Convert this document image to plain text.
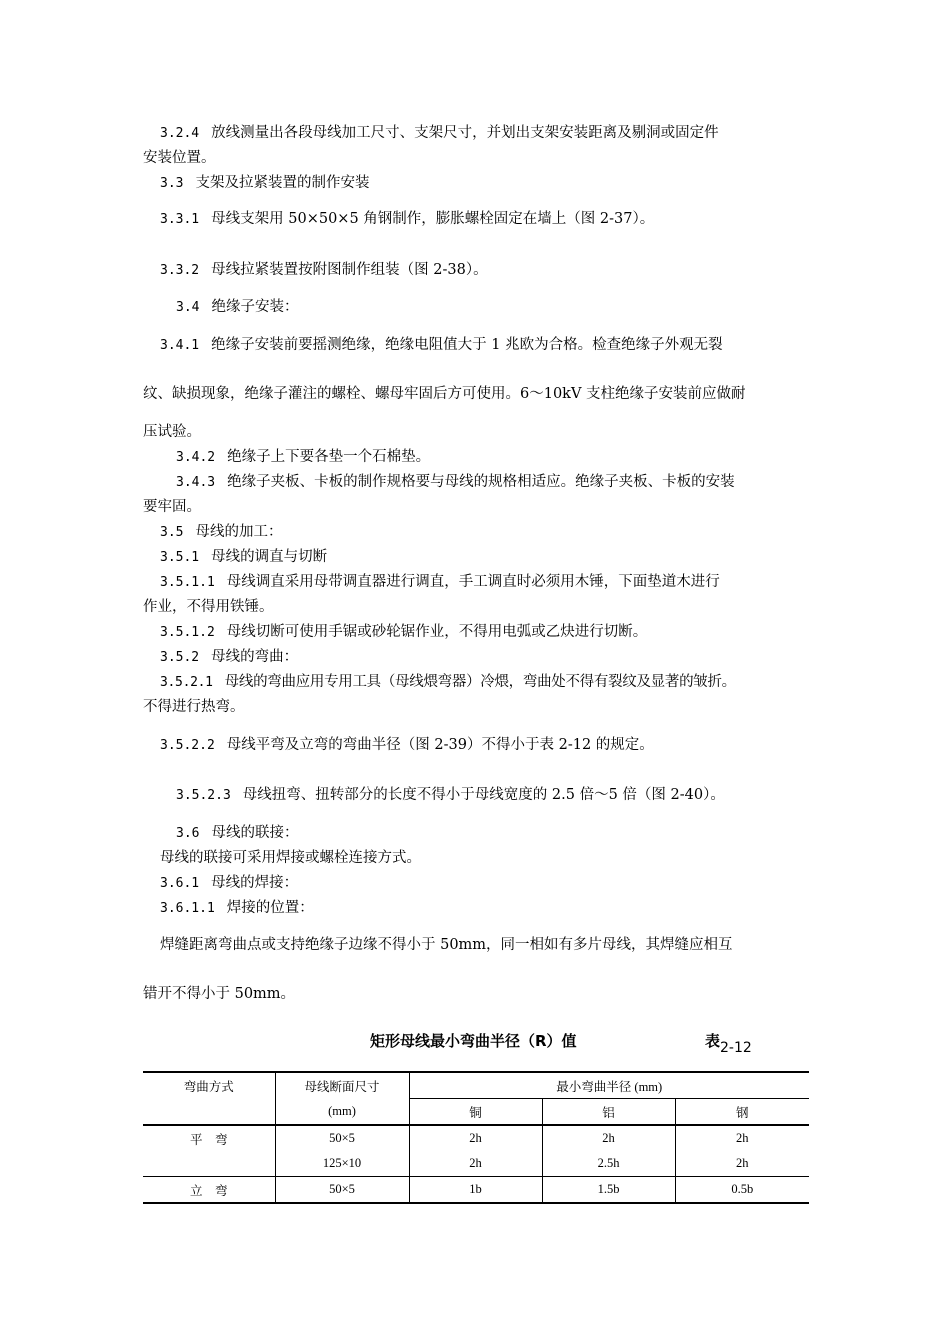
3.2.4 放线测量出各段母线加工尺寸、支架尺寸，并划出支架安装距离及剔洞或固定件
安装位置。
3.3 支架及拉紧装置的制作安装
3.3.1 母线支架用 50×50×5 角钢制作，膨胀螺栓固定在墙上（图 2-37）。
3.3.2 母线拉紧装置按附图制作组装（图 2-38）。
3.4 绝缘子安装：
3.4.1 绝缘子安装前要摇测绝缘，绝缘电阻值大于 1 兆欧为合格。检查绝缘子外观无裂
纹、缺损现象，绝缘子灌注的螺栓、螺母牢固后方可使用。6～10kV 支柱绝缘子安装前应做耐
压试验。
3.4.2 绝缘子上下要各垫一个石棉垫。
3.4.3 绝缘子夹板、卡板的制作规格要与母线的规格相适应。绝缘子夹板、卡板的安装
要牢固。
3.5 母线的加工：
3.5.1 母线的调直与切断
3.5.1.1 母线调直采用母带调直器进行调直，手工调直时必须用木锤，下面垫道木进行
作业，不得用铁锤。
3.5.1.2 母线切断可使用手锯或砂轮锯作业，不得用电弧或乙炔进行切断。
3.5.2 母线的弯曲：
3.5.2.1 母线的弯曲应用专用工具（母线煨弯器）冷煨，弯曲处不得有裂纹及显著的皱折。
不得进行热弯。
3.5.2.2 母线平弯及立弯的弯曲半径（图 2-39）不得小于表 2-12 的规定。
3.5.2.3 母线扭弯、扭转部分的长度不得小于母线宽度的 2.5 倍～5 倍（图 2-40）。
3.6 母线的联接：
母线的联接可采用焊接或螺栓连接方式。
3.6.1 母线的焊接：
3.6.1.1 焊接的位置：
焊缝距离弯曲点或支持绝缘子边缘不得小于 50mm，同一相如有多片母线，其焊缝应相互
错开不得小于 50mm。
矩形母线最小弯曲半径（R）值	表2-12
弯曲方式	母线断面尺寸	最小弯曲半径 (mm)		
	(mm)	铜	铝	钢
平　弯	50×5	2h	2h	2h
	125×10	2h	2.5h	2h
立　弯	50×5	1b	1.5b	0.5b
